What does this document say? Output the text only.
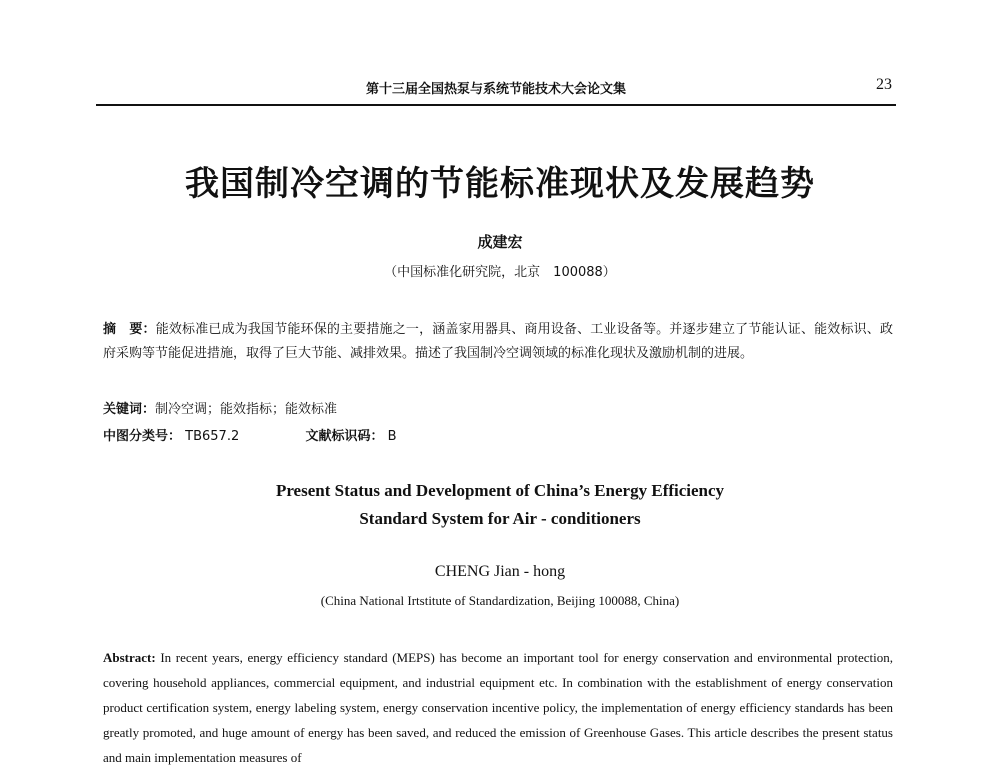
第十三届全国热泵与系统节能技术大会论文集	23
我国制冷空调的节能标准现状及发展趋势
成建宏
（中国标准化研究院，北京　100088）
摘　要：能效标准已成为我国节能环保的主要措施之一，涵盖家用器具、商用设备、工业设备等。并逐步建立了节能认证、能效标识、政府采购等节能促进措施，取得了巨大节能、减排效果。描述了我国制冷空调领域的标准化现状及激励机制的进展。
关键词：制冷空调；能效指标；能效标准
中图分类号： TB657.2	文献标识码： B
Present Status and Development of China’s Energy Efficiency
Standard System for Air - conditioners
CHENG Jian - hong
(China National Irtstitute of Standardization, Beijing 100088, China)
Abstract: In recent years, energy efficiency standard (MEPS) has become an important tool for energy conservation and environmental protection, covering household appliances, commercial equipment, and industrial equipment etc. In combination with the establishment of energy conservation product certification system, energy labeling system, energy conservation incentive policy, the implementation of energy efficiency standards has been greatly promoted, and huge amount of energy has been saved, and reduced the emission of Greenhouse Gases. This article describes the present status and main implementation measures of
